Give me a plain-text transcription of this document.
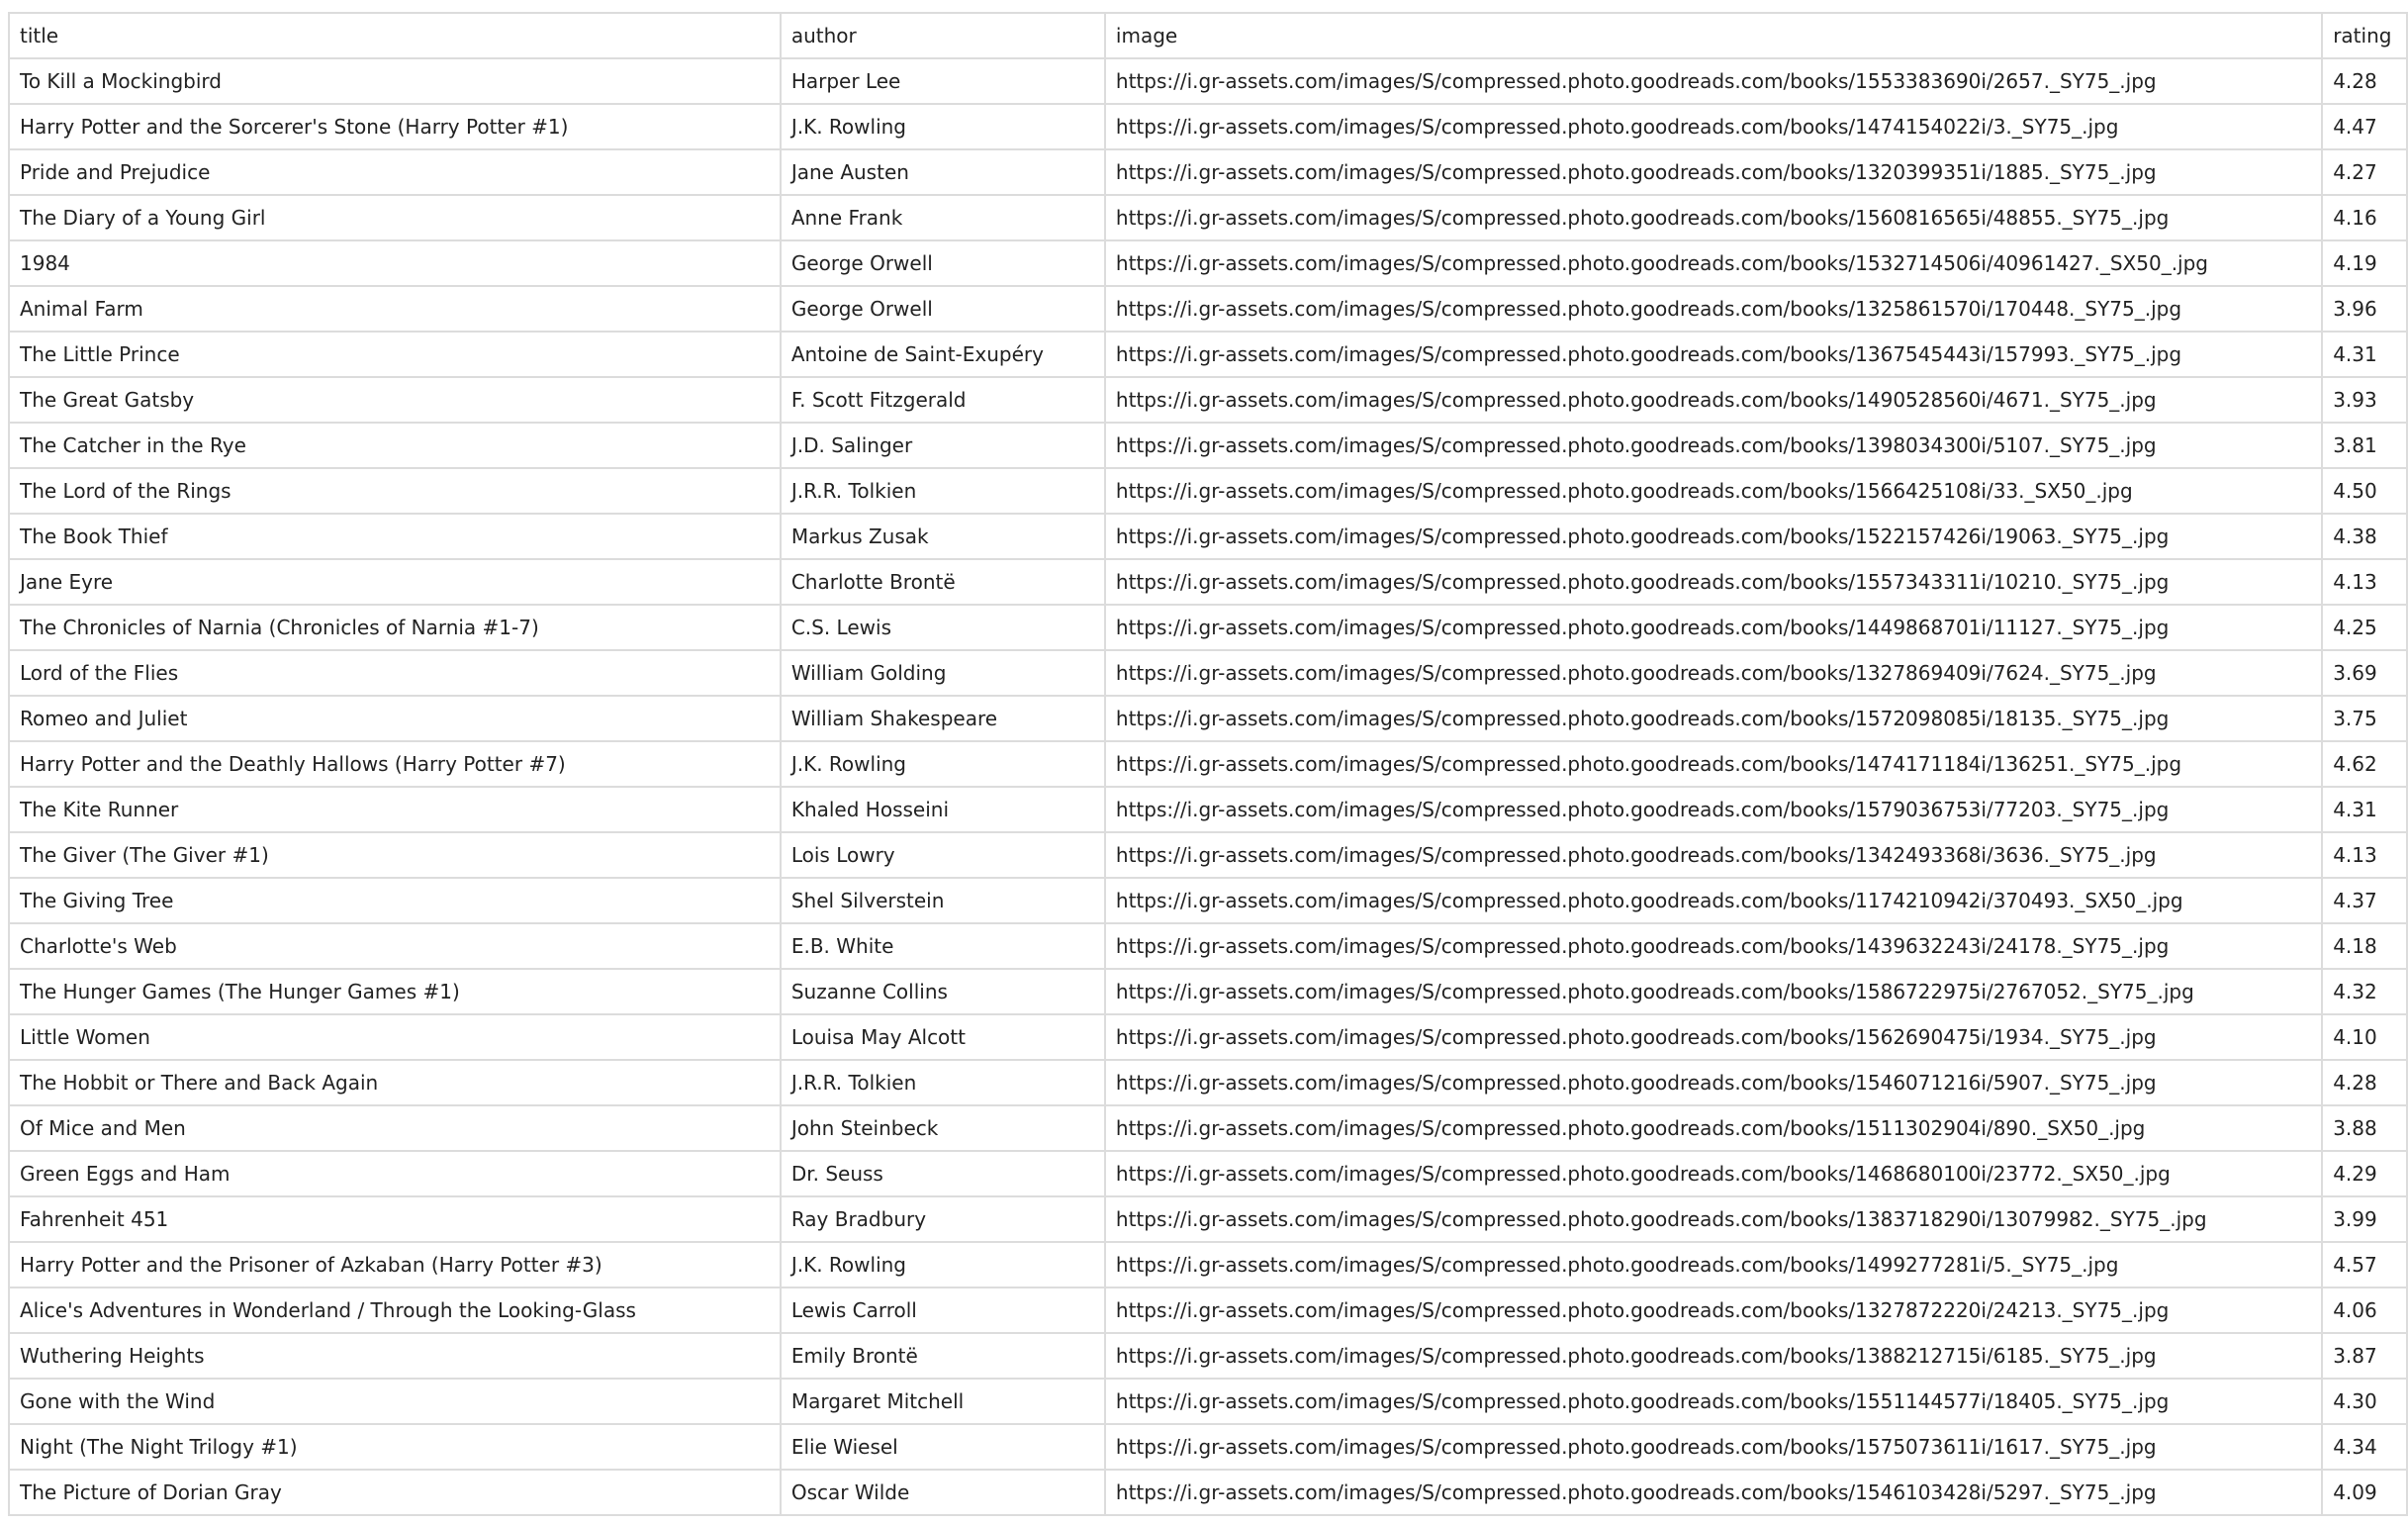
title	author	image	rating
To Kill a Mockingbird	Harper Lee	https://i.gr-assets.com/images/S/compressed.photo.goodreads.com/books/1553383690i/2657._SY75_.jpg	4.28
Harry Potter and the Sorcerer's Stone (Harry Potter #1)	J.K. Rowling	https://i.gr-assets.com/images/S/compressed.photo.goodreads.com/books/1474154022i/3._SY75_.jpg	4.47
Pride and Prejudice	Jane Austen	https://i.gr-assets.com/images/S/compressed.photo.goodreads.com/books/1320399351i/1885._SY75_.jpg	4.27
The Diary of a Young Girl	Anne Frank	https://i.gr-assets.com/images/S/compressed.photo.goodreads.com/books/1560816565i/48855._SY75_.jpg	4.16
1984	George Orwell	https://i.gr-assets.com/images/S/compressed.photo.goodreads.com/books/1532714506i/40961427._SX50_.jpg	4.19
Animal Farm	George Orwell	https://i.gr-assets.com/images/S/compressed.photo.goodreads.com/books/1325861570i/170448._SY75_.jpg	3.96
The Little Prince	Antoine de Saint-Exupéry	https://i.gr-assets.com/images/S/compressed.photo.goodreads.com/books/1367545443i/157993._SY75_.jpg	4.31
The Great Gatsby	F. Scott Fitzgerald	https://i.gr-assets.com/images/S/compressed.photo.goodreads.com/books/1490528560i/4671._SY75_.jpg	3.93
The Catcher in the Rye	J.D. Salinger	https://i.gr-assets.com/images/S/compressed.photo.goodreads.com/books/1398034300i/5107._SY75_.jpg	3.81
The Lord of the Rings	J.R.R. Tolkien	https://i.gr-assets.com/images/S/compressed.photo.goodreads.com/books/1566425108i/33._SX50_.jpg	4.50
The Book Thief	Markus Zusak	https://i.gr-assets.com/images/S/compressed.photo.goodreads.com/books/1522157426i/19063._SY75_.jpg	4.38
Jane Eyre	Charlotte Brontë	https://i.gr-assets.com/images/S/compressed.photo.goodreads.com/books/1557343311i/10210._SY75_.jpg	4.13
The Chronicles of Narnia (Chronicles of Narnia #1-7)	C.S. Lewis	https://i.gr-assets.com/images/S/compressed.photo.goodreads.com/books/1449868701i/11127._SY75_.jpg	4.25
Lord of the Flies	William Golding	https://i.gr-assets.com/images/S/compressed.photo.goodreads.com/books/1327869409i/7624._SY75_.jpg	3.69
Romeo and Juliet	William Shakespeare	https://i.gr-assets.com/images/S/compressed.photo.goodreads.com/books/1572098085i/18135._SY75_.jpg	3.75
Harry Potter and the Deathly Hallows (Harry Potter #7)	J.K. Rowling	https://i.gr-assets.com/images/S/compressed.photo.goodreads.com/books/1474171184i/136251._SY75_.jpg	4.62
The Kite Runner	Khaled Hosseini	https://i.gr-assets.com/images/S/compressed.photo.goodreads.com/books/1579036753i/77203._SY75_.jpg	4.31
The Giver (The Giver #1)	Lois Lowry	https://i.gr-assets.com/images/S/compressed.photo.goodreads.com/books/1342493368i/3636._SY75_.jpg	4.13
The Giving Tree	Shel Silverstein	https://i.gr-assets.com/images/S/compressed.photo.goodreads.com/books/1174210942i/370493._SX50_.jpg	4.37
Charlotte's Web	E.B. White	https://i.gr-assets.com/images/S/compressed.photo.goodreads.com/books/1439632243i/24178._SY75_.jpg	4.18
The Hunger Games (The Hunger Games #1)	Suzanne Collins	https://i.gr-assets.com/images/S/compressed.photo.goodreads.com/books/1586722975i/2767052._SY75_.jpg	4.32
Little Women	Louisa May Alcott	https://i.gr-assets.com/images/S/compressed.photo.goodreads.com/books/1562690475i/1934._SY75_.jpg	4.10
The Hobbit or There and Back Again	J.R.R. Tolkien	https://i.gr-assets.com/images/S/compressed.photo.goodreads.com/books/1546071216i/5907._SY75_.jpg	4.28
Of Mice and Men	John Steinbeck	https://i.gr-assets.com/images/S/compressed.photo.goodreads.com/books/1511302904i/890._SX50_.jpg	3.88
Green Eggs and Ham	Dr. Seuss	https://i.gr-assets.com/images/S/compressed.photo.goodreads.com/books/1468680100i/23772._SX50_.jpg	4.29
Fahrenheit 451	Ray Bradbury	https://i.gr-assets.com/images/S/compressed.photo.goodreads.com/books/1383718290i/13079982._SY75_.jpg	3.99
Harry Potter and the Prisoner of Azkaban (Harry Potter #3)	J.K. Rowling	https://i.gr-assets.com/images/S/compressed.photo.goodreads.com/books/1499277281i/5._SY75_.jpg	4.57
Alice's Adventures in Wonderland / Through the Looking-Glass	Lewis Carroll	https://i.gr-assets.com/images/S/compressed.photo.goodreads.com/books/1327872220i/24213._SY75_.jpg	4.06
Wuthering Heights	Emily Brontë	https://i.gr-assets.com/images/S/compressed.photo.goodreads.com/books/1388212715i/6185._SY75_.jpg	3.87
Gone with the Wind	Margaret Mitchell	https://i.gr-assets.com/images/S/compressed.photo.goodreads.com/books/1551144577i/18405._SY75_.jpg	4.30
Night (The Night Trilogy #1)	Elie Wiesel	https://i.gr-assets.com/images/S/compressed.photo.goodreads.com/books/1575073611i/1617._SY75_.jpg	4.34
The Picture of Dorian Gray	Oscar Wilde	https://i.gr-assets.com/images/S/compressed.photo.goodreads.com/books/1546103428i/5297._SY75_.jpg	4.09
